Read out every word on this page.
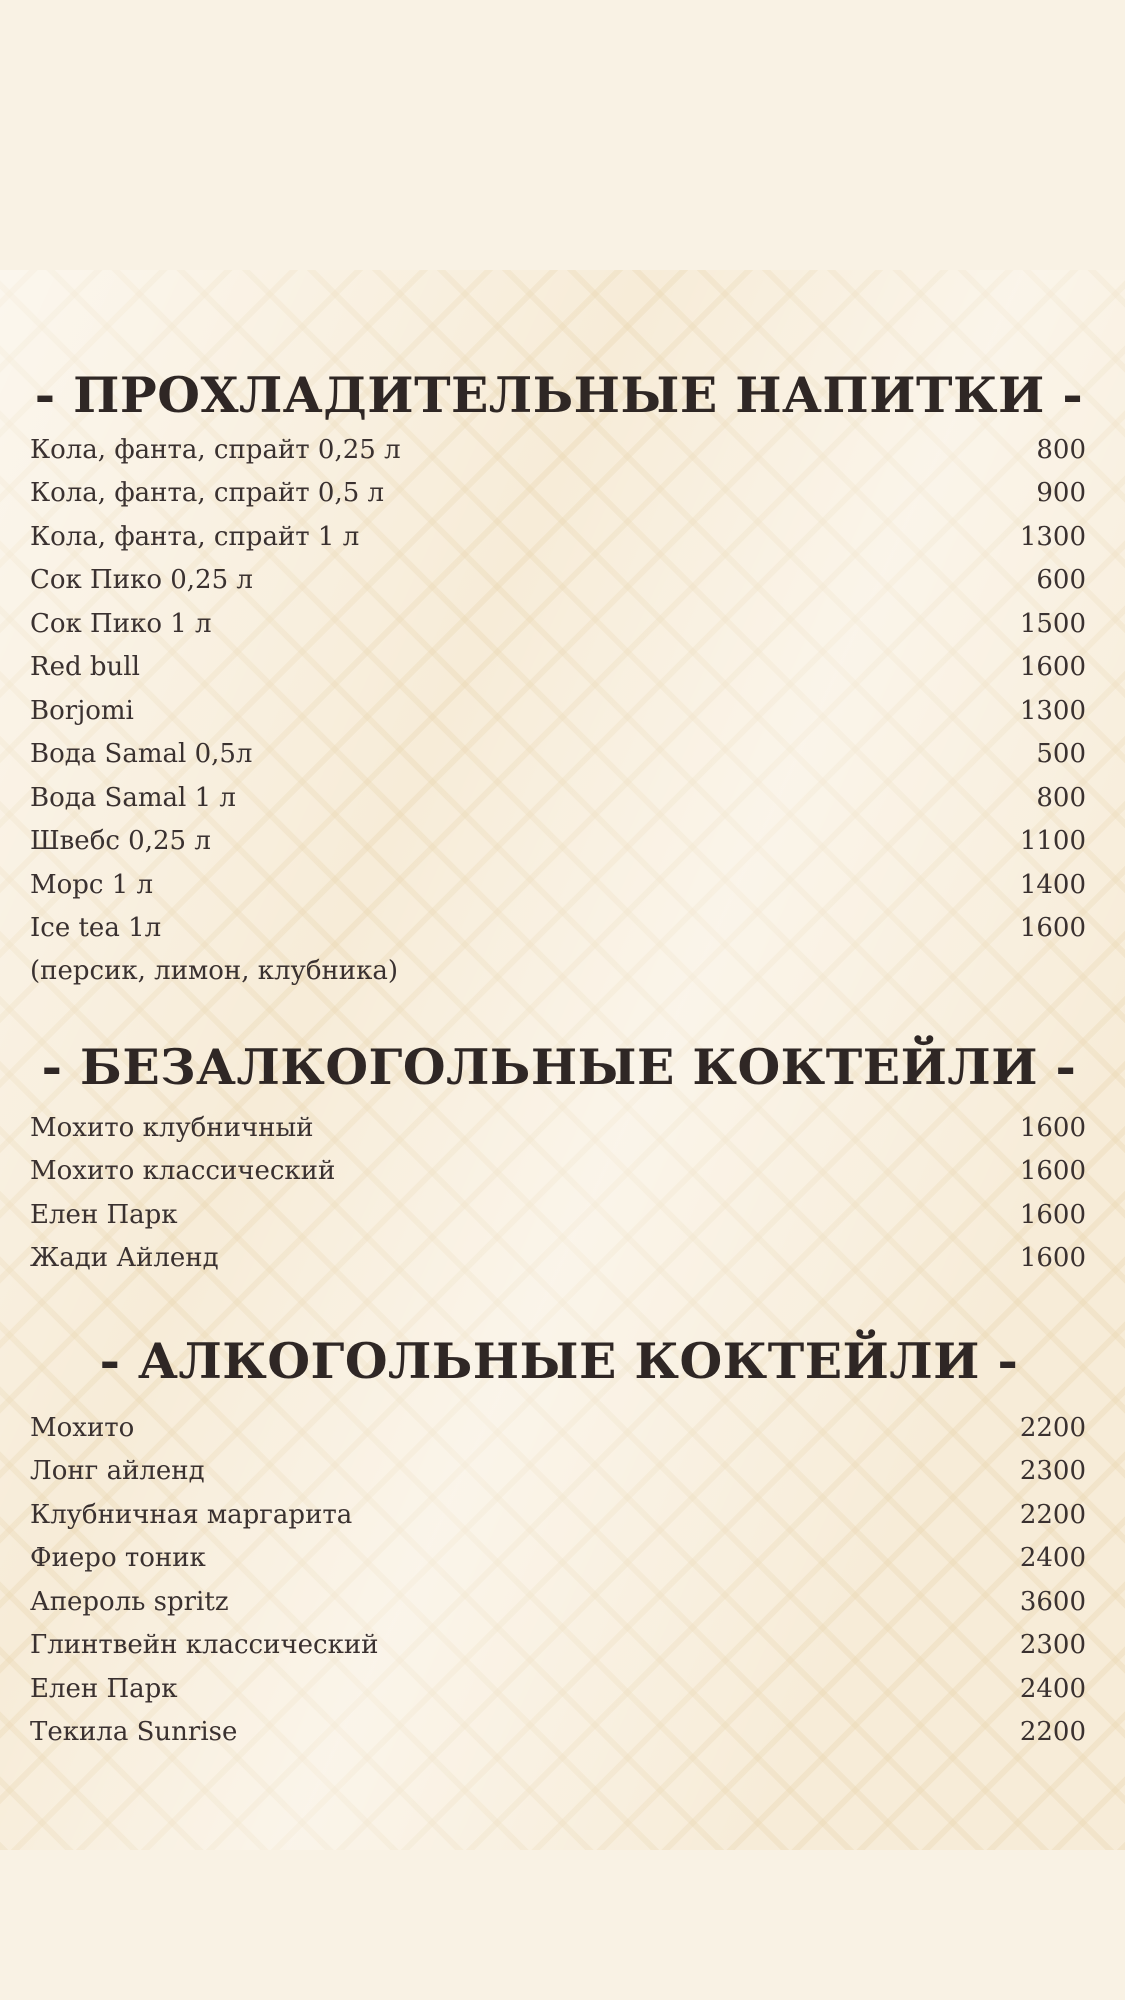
- ПРОХЛАДИТЕЛЬНЫЕ НАПИТКИ -
Кола, фанта, спрайт 0,25 л	800
Кола, фанта, спрайт 0,5 л	900
Кола, фанта, спрайт 1 л	1300
Сок Пико 0,25 л	600
Сок Пико 1 л	1500
Red bull	1600
Borjomi	1300
Вода Samal 0,5л	500
Вода Samal 1 л	800
Швебс 0,25 л	1100
Морс 1 л	1400
Ice tea 1л	1600
(персик, лимон, клубника)
- БЕЗАЛКОГОЛЬНЫЕ КОКТЕЙЛИ -
Мохито клубничный	1600
Мохито классический	1600
Елен Парк	1600
Жади Айленд	1600
- АЛКОГОЛЬНЫЕ КОКТЕЙЛИ -
Мохито	2200
Лонг айленд	2300
Клубничная маргарита	2200
Фиеро тоник	2400
Апероль spritz	3600
Глинтвейн классический	2300
Елен Парк	2400
Текила Sunrise	2200
